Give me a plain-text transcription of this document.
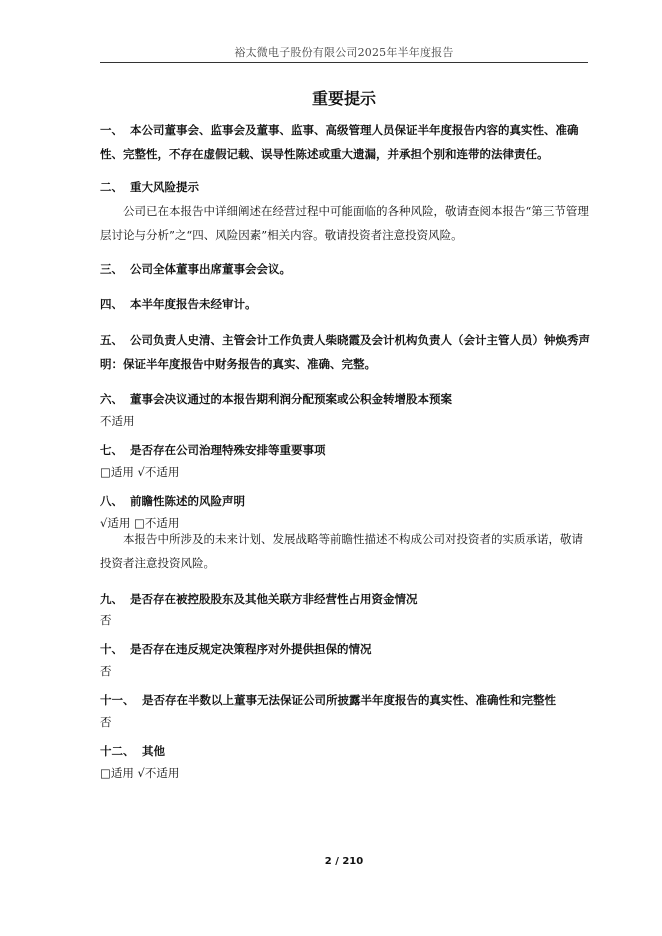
裕太微电子股份有限公司2025年半年度报告
重要提示
一、 本公司董事会、监事会及董事、监事、高级管理人员保证半年度报告内容的真实性、准确性、完整性，不存在虚假记载、误导性陈述或重大遗漏，并承担个别和连带的法律责任。
二、 重大风险提示
公司已在本报告中详细阐述在经营过程中可能面临的各种风险，敬请查阅本报告“第三节管理层讨论与分析”之“四、风险因素”相关内容。敬请投资者注意投资风险。
三、 公司全体董事出席董事会会议。
四、 本半年度报告未经审计。
五、 公司负责人史清、主管会计工作负责人柴晓霞及会计机构负责人（会计主管人员）钟焕秀声明：保证半年度报告中财务报告的真实、准确、完整。
六、 董事会决议通过的本报告期利润分配预案或公积金转增股本预案
不适用
七、 是否存在公司治理特殊安排等重要事项
□适用 √不适用
八、 前瞻性陈述的风险声明
√适用 □不适用
本报告中所涉及的未来计划、发展战略等前瞻性描述不构成公司对投资者的实质承诺，敬请投资者注意投资风险。
九、 是否存在被控股股东及其他关联方非经营性占用资金情况
否
十、 是否存在违反规定决策程序对外提供担保的情况
否
十一、 是否存在半数以上董事无法保证公司所披露半年度报告的真实性、准确性和完整性
否
十二、 其他
□适用 √不适用
2 / 210
